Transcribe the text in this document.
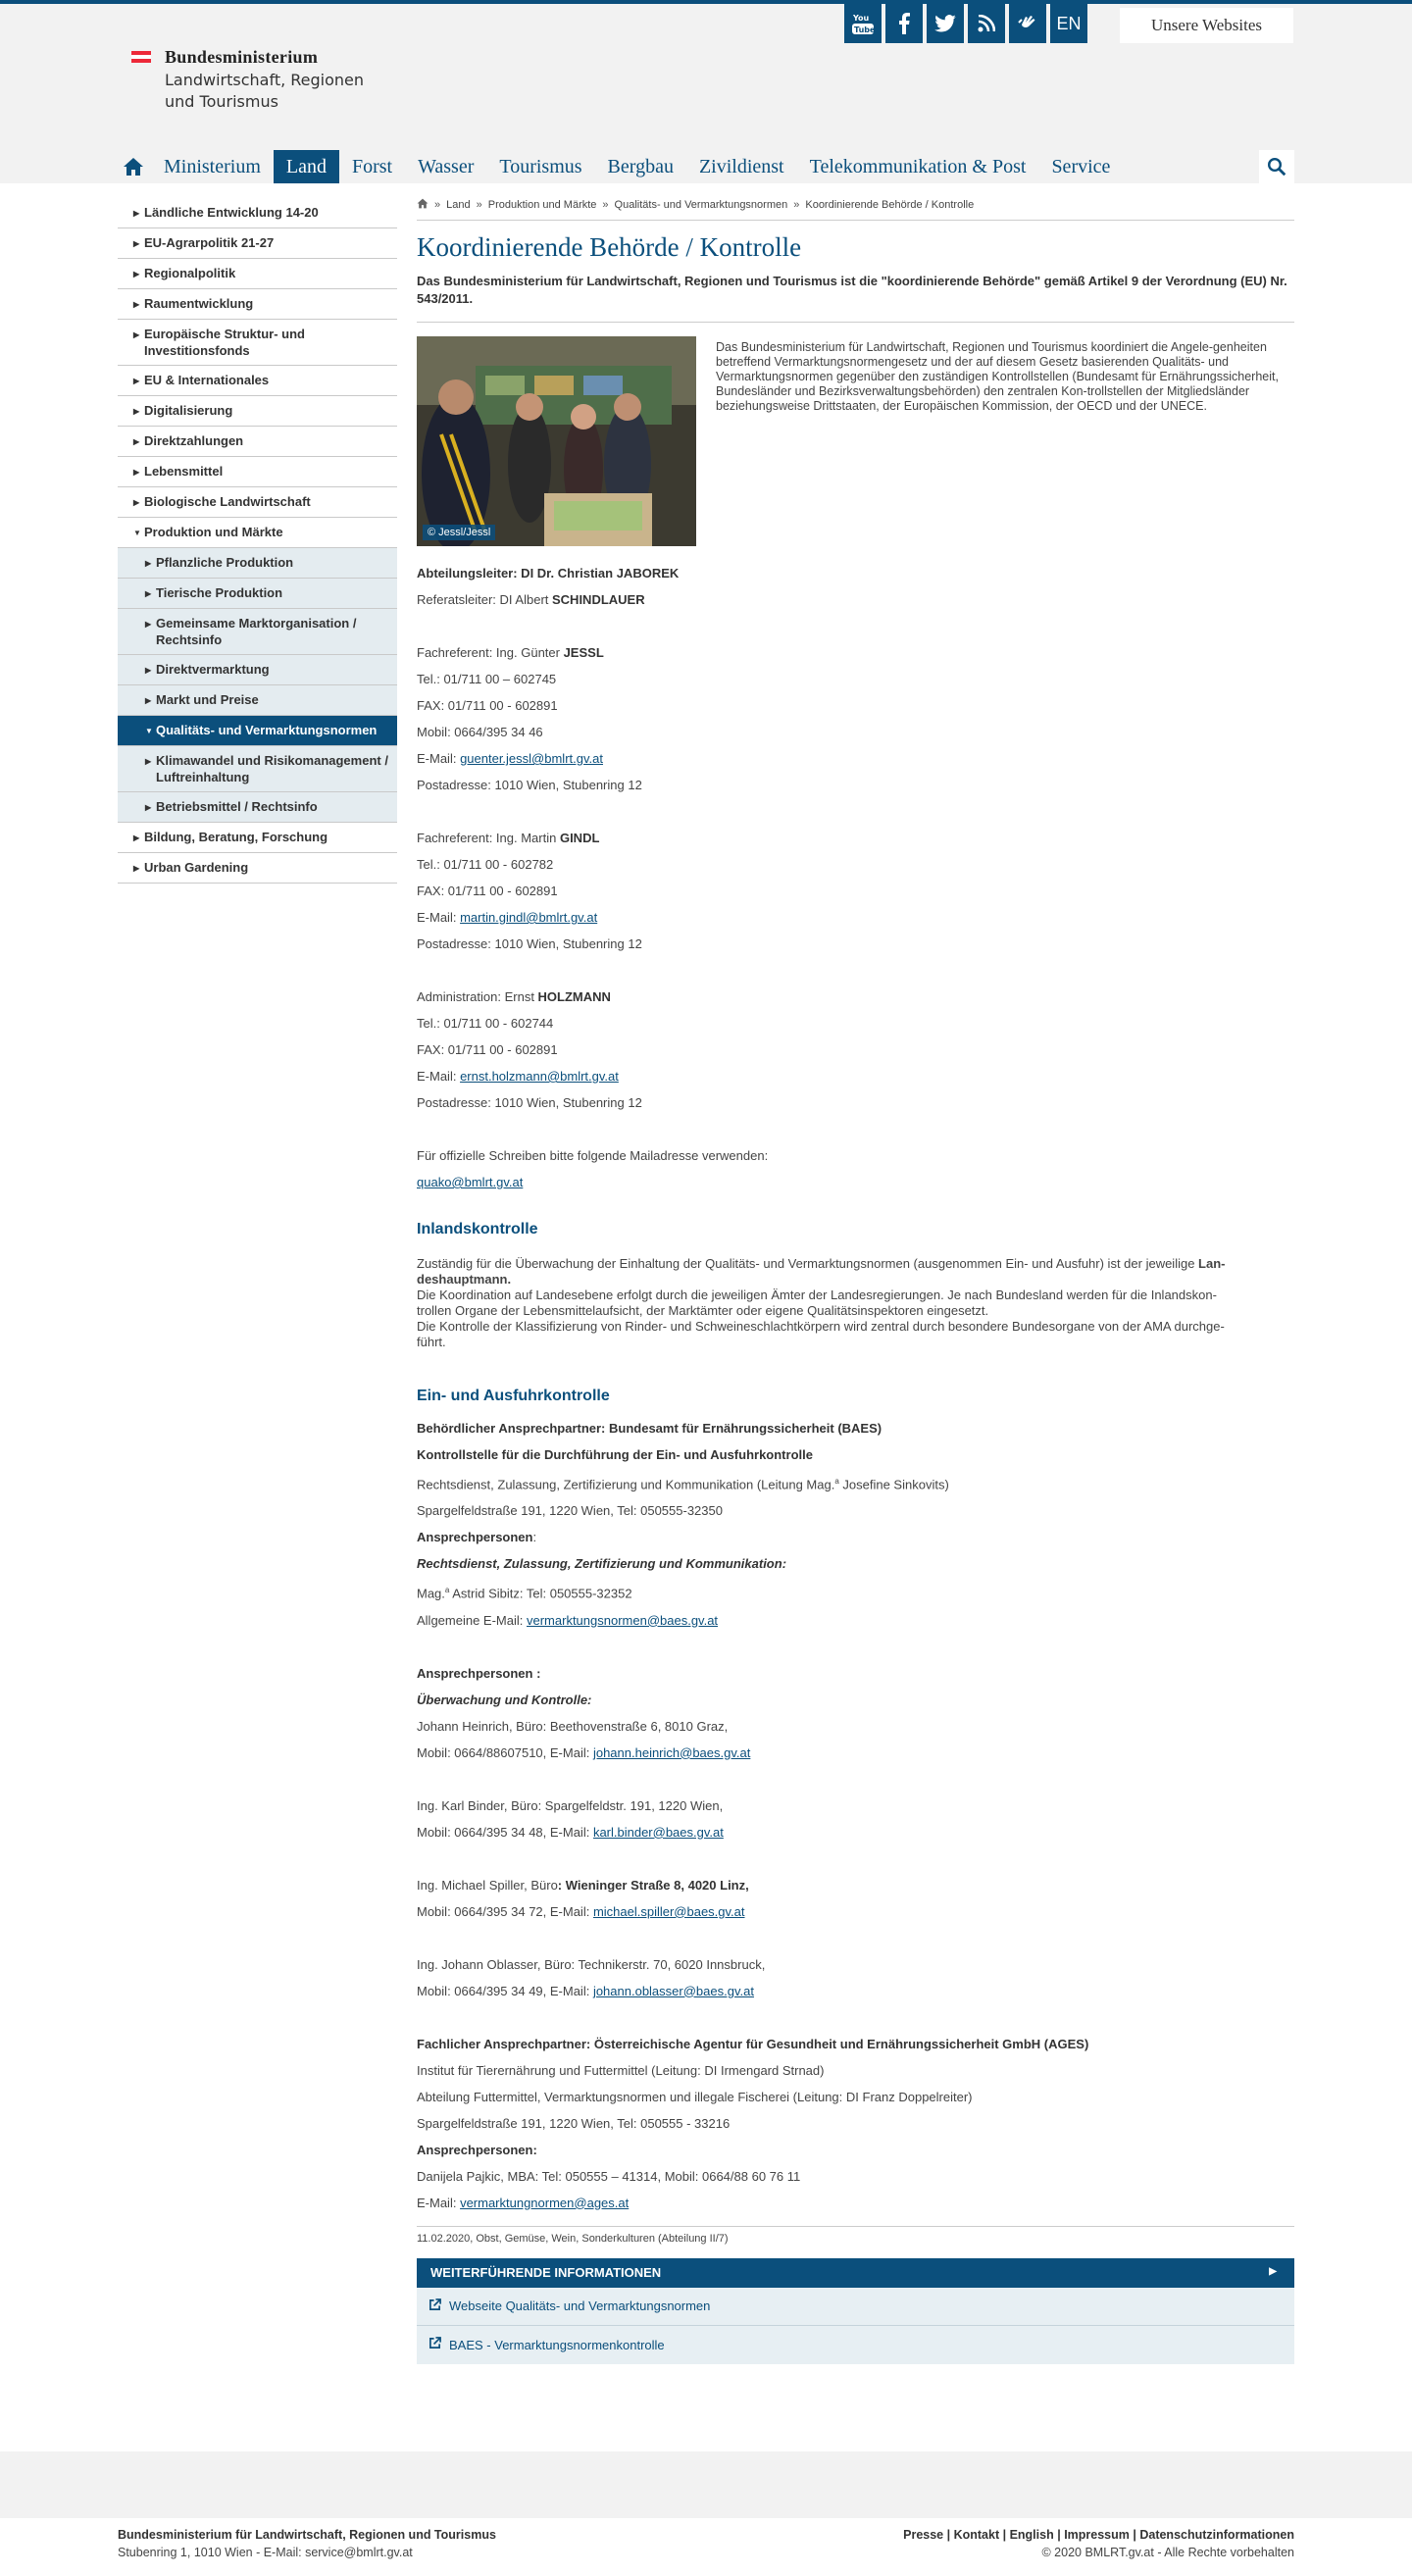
Bundesministerium
Landwirtschaft, Regionen
und Tourismus
You
Tube	EN	Unsere Websites
Ministerium	Land	Forst	Wasser	Tourismus	Bergbau	Zivildienst	Telekommunikation & Post	Service
▶ Ländliche Entwicklung 14-20
▶ EU-Agrarpolitik 21-27
▶ Regionalpolitik
▶ Raumentwicklung
▶ Europäische Struktur- und Investitionsfonds
▶ EU & Internationales
▶ Digitalisierung
▶ Direktzahlungen
▶ Lebensmittel
▶ Biologische Landwirtschaft
▼ Produktion und Märkte
▶ Pflanzliche Produktion
▶ Tierische Produktion
▶ Gemeinsame Marktorganisation / Rechtsinfo
▶ Direktvermarktung
▶ Markt und Preise
▼ Qualitäts- und Vermarktungsnormen
▶ Klimawandel und Risikomanagement / Luftreinhaltung
▶ Betriebsmittel / Rechtsinfo
▶ Bildung, Beratung, Forschung
▶ Urban Gardening
» Land » Produktion und Märkte » Qualitäts- und Vermarktungsnormen » Koordinierende Behörde / Kontrolle
Koordinierende Behörde / Kontrolle
Das Bundesministerium für Landwirtschaft, Regionen und Tourismus ist die "koordinierende Behörde" gemäß Artikel 9 der Verordnung (EU) Nr. 543/2011.
© Jessl/Jessl
Das Bundesministerium für Landwirtschaft, Regionen und Tourismus koordiniert die Angele-genheiten betreffend Vermarktungsnormengesetz und der auf diesem Gesetz basierenden Qualitäts- und Vermarktungsnormen gegenüber den zuständigen Kontrollstellen (Bundesamt für Ernährungssicherheit, Bundesländer und Bezirksverwaltungsbehörden) den zentralen Kon-trollstellen der Mitgliedsländer beziehungsweise Drittstaaten, der Europäischen Kommission, der OECD und der UNECE.
Abteilungsleiter: DI Dr. Christian JABOREK
Referatsleiter: DI Albert SCHINDLAUER
Fachreferent: Ing. Günter JESSL
Tel.: 01/711 00 – 602745
FAX: 01/711 00 - 602891
Mobil: 0664/395 34 46
E-Mail: guenter.jessl@bmlrt.gv.at
Postadresse: 1010 Wien, Stubenring 12
Fachreferent: Ing. Martin GINDL
Tel.: 01/711 00 - 602782
FAX: 01/711 00 - 602891
E-Mail: martin.gindl@bmlrt.gv.at
Postadresse: 1010 Wien, Stubenring 12
Administration: Ernst HOLZMANN
Tel.: 01/711 00 - 602744
FAX: 01/711 00 - 602891
E-Mail: ernst.holzmann@bmlrt.gv.at
Postadresse: 1010 Wien, Stubenring 12
Für offizielle Schreiben bitte folgende Mailadresse verwenden:
quako@bmlrt.gv.at
Inlandskontrolle
Zuständig für die Überwachung der Einhaltung der Qualitäts- und Vermarktungsnormen (ausgenommen Ein- und Ausfuhr) ist der jeweilige Lan-
deshauptmann.
Die Koordination auf Landesebene erfolgt durch die jeweiligen Ämter der Landesregierungen. Je nach Bundesland werden für die Inlandskon-
trollen Organe der Lebensmittelaufsicht, der Marktämter oder eigene Qualitätsinspektoren eingesetzt.
Die Kontrolle der Klassifizierung von Rinder- und Schweineschlachtkörpern wird zentral durch besondere Bundesorgane von der AMA durchge-
führt.
Ein- und Ausfuhrkontrolle
Behördlicher Ansprechpartner: Bundesamt für Ernährungssicherheit (BAES)
Kontrollstelle für die Durchführung der Ein- und Ausfuhrkontrolle
Rechtsdienst, Zulassung, Zertifizierung und Kommunikation (Leitung Mag.$^a$ Josefine Sinkovits)
Spargelfeldstraße 191, 1220 Wien, Tel: 050555-32350
Ansprechpersonen:
Rechtsdienst, Zulassung, Zertifizierung und Kommunikation:
Mag.$^a$ Astrid Sibitz: Tel: 050555-32352
Allgemeine E-Mail: vermarktungsnormen@baes.gv.at
Ansprechpersonen :
Überwachung und Kontrolle:
Johann Heinrich, Büro: Beethovenstraße 6, 8010 Graz,
Mobil: 0664/88607510, E-Mail: johann.heinrich@baes.gv.at
Ing. Karl Binder, Büro: Spargelfeldstr. 191, 1220 Wien,
Mobil: 0664/395 34 48, E-Mail: karl.binder@baes.gv.at
Ing. Michael Spiller, Büro: Wieninger Straße 8, 4020 Linz,
Mobil: 0664/395 34 72, E-Mail: michael.spiller@baes.gv.at
Ing. Johann Oblasser, Büro: Technikerstr. 70, 6020 Innsbruck,
Mobil: 0664/395 34 49, E-Mail: johann.oblasser@baes.gv.at
Fachlicher Ansprechpartner: Österreichische Agentur für Gesundheit und Ernährungssicherheit GmbH (AGES)
Institut für Tierernährung und Futtermittel (Leitung: DI Irmengard Strnad)
Abteilung Futtermittel, Vermarktungsnormen und illegale Fischerei (Leitung: DI Franz Doppelreiter)
Spargelfeldstraße 191, 1220 Wien, Tel: 050555 - 33216
Ansprechpersonen:
Danijela Pajkic, MBA: Tel: 050555 – 41314, Mobil: 0664/88 60 76 11
E-Mail: vermarktungnormen@ages.at
11.02.2020, Obst, Gemüse, Wein, Sonderkulturen (Abteilung II/7)
WEITERFÜHRENDE INFORMATIONEN	▶
Webseite Qualitäts- und Vermarktungsnormen
BAES - Vermarktungsnormenkontrolle
Bundesministerium für Landwirtschaft, Regionen und Tourismus
Stubenring 1, 1010 Wien - E-Mail: service@bmlrt.gv.at
Presse | Kontakt | English | Impressum | Datenschutzinformationen
© 2020 BMLRT.gv.at - Alle Rechte vorbehalten
